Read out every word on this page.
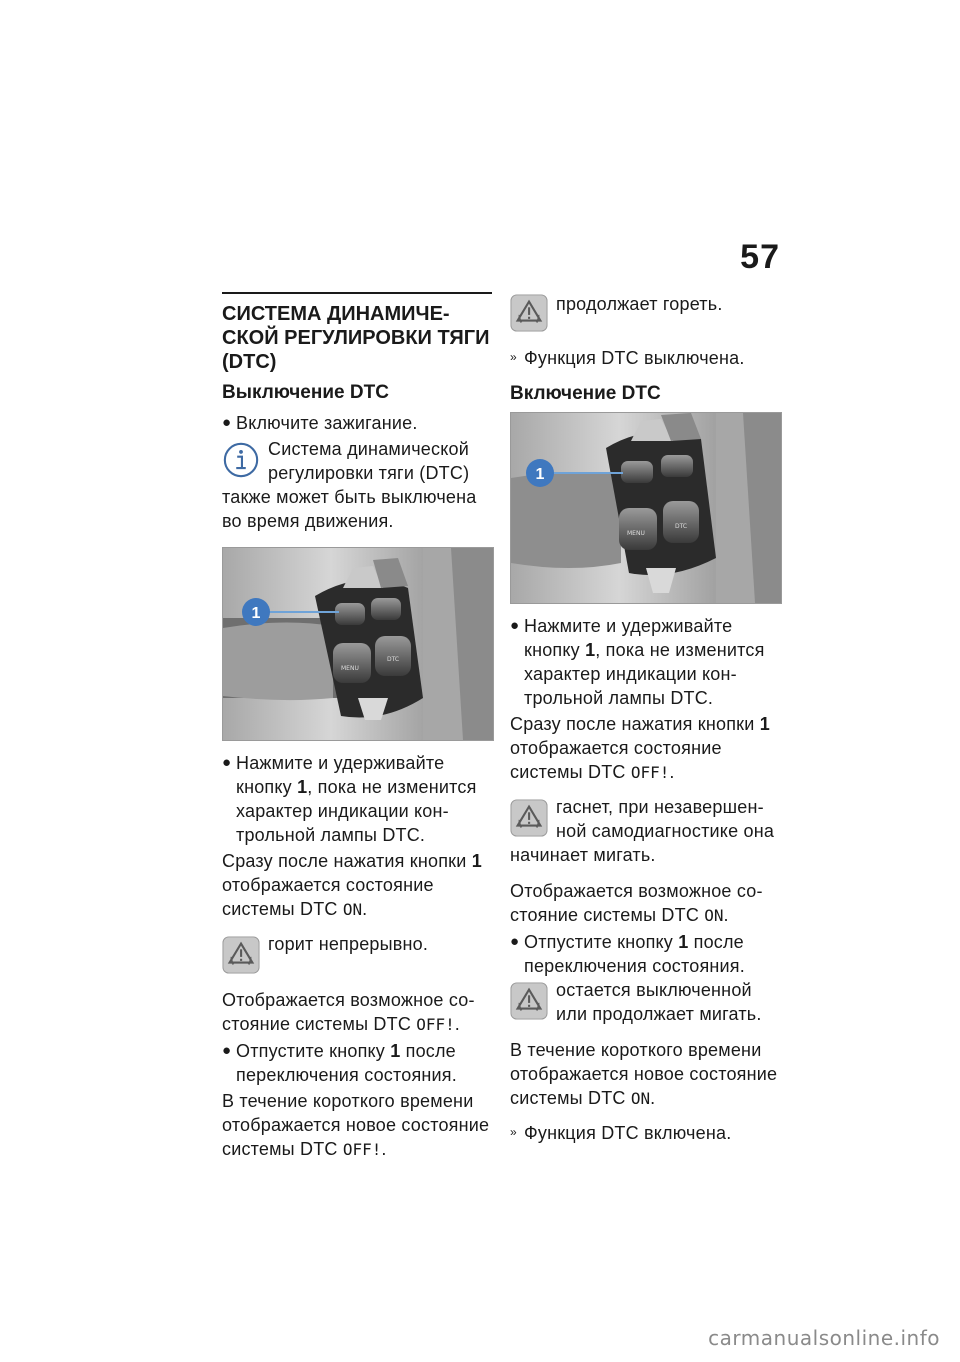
57
СИСТЕМА ДИНАМИЧЕ-
СКОЙ РЕГУЛИРОВКИ ТЯГИ
(DTC)
Выключение DTC
● Включите зажигание.
Система динамической регулировки тяги (DTC) также может быть выключена во время движения.
MENU
DTC
1
● Нажмите и удерживайте кнопку 1, пока не изменится характер индикации кон-трольной лампы DTC.

Сразу после нажатия кнопки 1 отображается состояние системы DTC ON.

горит непрерывно.

Отображается возможное со-стояние системы DTC OFF!.

● Отпустите кнопку 1 после переключения состояния.

В течение короткого времени отображается новое состояние системы DTC OFF!.

продолжает гореть.
» Функция DTC выключена.
Включение DTC
MENU
DTC
1
● Нажмите и удерживайте кнопку 1, пока не изменится характер индикации кон-трольной лампы DTC.

Сразу после нажатия кнопки 1 отображается состояние системы DTC OFF!.

гаснет, при незавершен-ной самодиагностике она начинает мигать.

Отображается возможное со-стояние системы DTC ON.

● Отпустите кнопку 1 после переключения состояния.
остается выключенной или продолжает мигать.

В течение короткого времени отображается новое состояние системы DTC ON.

» Функция DTC включена.
carmanualsonline.info
